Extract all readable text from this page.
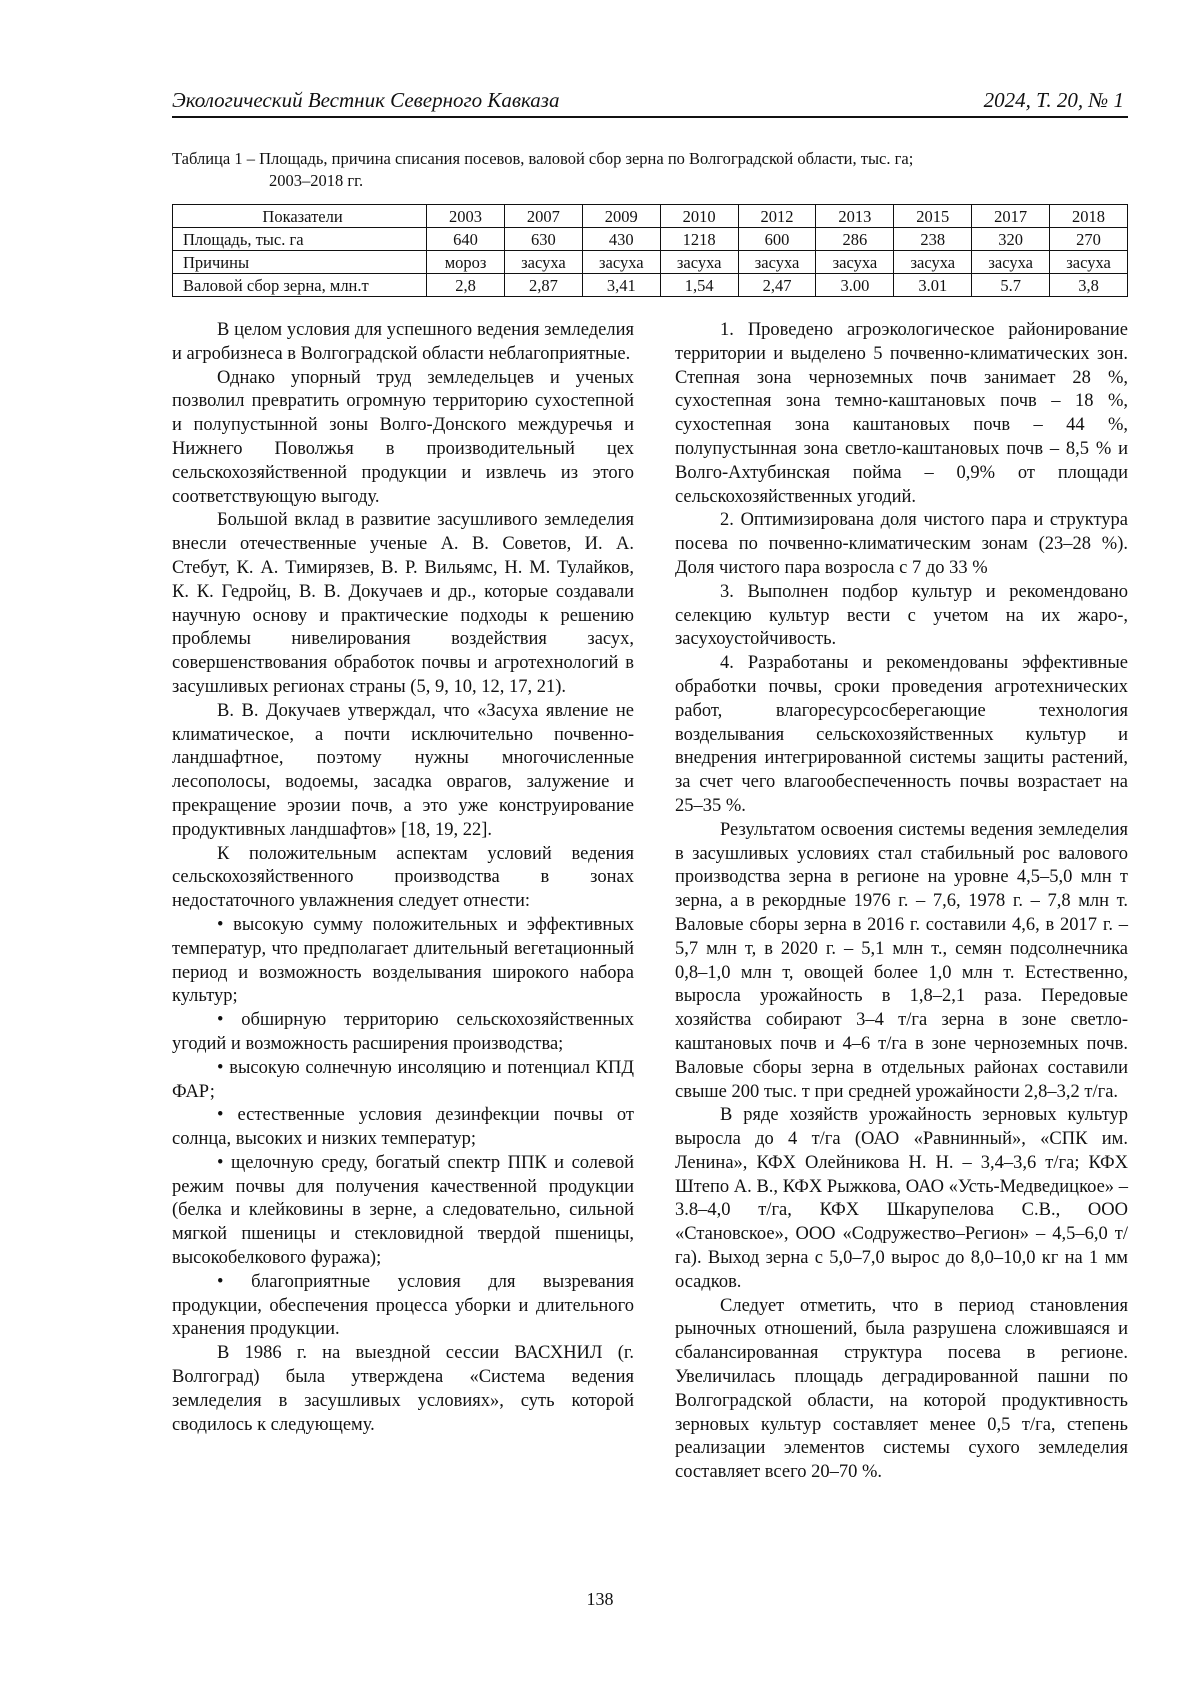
Экологический Вестник Северного Кавказа	2024, Т. 20, № 1
Таблица 1 – Площадь, причина списания посевов, валовой сбор зерна по Волгоградской области, тыс. га;
2003–2018 гг.
Показатели	2003	2007	2009	2010	2012	2013	2015	2017	2018
Площадь, тыс. га	640	630	430	1218	600	286	238	320	270
Причины	мороз	засуха	засуха	засуха	засуха	засуха	засуха	засуха	засуха
Валовой сбор зерна, млн.т	2,8	2,87	3,41	1,54	2,47	3.00	3.01	5.7	3,8

В целом условия для успешного ведения земледелия и агробизнеса в Волгоградской области неблагоприятные.

Однако упорный труд земледельцев и ученых позволил превратить огромную территорию сухостепной и полупустынной зоны Волго-Донского междуречья и Нижнего Поволжья в производительный цех сельскохозяйственной продукции и извлечь из этого соответствующую выгоду.

Большой вклад в развитие засушливого земледелия внесли отечественные ученые А. В. Советов, И. А. Стебут, К. А. Тимирязев, В. Р. Вильямс, Н. М. Тулайков, К. К. Гедройц, В. В. Докучаев и др., которые создавали научную основу и практические подходы к решению проблемы нивелирования воздействия засух, совершенствования обработок почвы и агротехнологий в засушливых регионах страны (5, 9, 10, 12, 17, 21).

В. В. Докучаев утверждал, что «Засуха явление не климатическое, а почти исключительно почвенно-ландшафтное, поэтому нужны многочисленные лесополосы, водоемы, засадка оврагов, залужение и прекращение эрозии почв, а это уже конструирование продуктивных ландшафтов» [18, 19, 22].

К положительным аспектам условий ведения сельскохозяйственного производства в зонах недостаточного увлажнения следует отнести:

• высокую сумму положительных и эффективных температур, что предполагает длительный вегетационный период и возможность возделывания широкого набора культур;

• обширную территорию сельскохозяйственных угодий и возможность расширения производства;

• высокую солнечную инсоляцию и потенциал КПД ФАР;

• естественные условия дезинфекции почвы от солнца, высоких и низких температур;

• щелочную среду, богатый спектр ППК и солевой режим почвы для получения качественной продукции (белка и клейковины в зерне, а следовательно, сильной мягкой пшеницы и стекловидной твердой пшеницы, высокобелкового фуража);

• благоприятные условия для вызревания продукции, обеспечения процесса уборки и длительного хранения продукции.

В 1986 г. на выездной сессии ВАСХНИЛ (г. Волгоград) была утверждена «Система ведения земледелия в засушливых условиях», суть которой сводилось к следующему.

1. Проведено агроэкологическое районирование территории и выделено 5 почвенно-климатических зон. Степная зона черноземных почв занимает 28 %, сухостепная зона темно-каштановых почв – 18 %, сухостепная зона каштановых почв – 44 %, полупустынная зона светло-каштановых почв – 8,5 % и Волго-Ахтубинская пойма – 0,9% от площади сельскохозяйственных угодий.

2. Оптимизирована доля чистого пара и структура посева по почвенно-климатическим зонам (23–28 %). Доля чистого пара возросла с 7 до 33 %

3. Выполнен подбор культур и рекомендовано селекцию культур вести с учетом на их жаро-, засухоустойчивость.

4. Разработаны и рекомендованы эффективные обработки почвы, сроки проведения агротехнических работ, влагоресурсосберегающие технология возделывания сельскохозяйственных культур и внедрения интегрированной системы защиты растений, за счет чего влагообеспеченность почвы возрастает на 25–35 %.

Результатом освоения системы ведения земледелия в засушливых условиях стал стабильный рос валового производства зерна в регионе на уровне 4,5–5,0 млн т зерна, а в рекордные 1976 г. – 7,6, 1978 г. – 7,8 млн т. Валовые сборы зерна в 2016 г. составили 4,6, в 2017 г. – 5,7 млн т, в 2020 г. – 5,1 млн т., семян подсолнечника 0,8–1,0 млн т, овощей более 1,0 млн т. Естественно, выросла урожайность в 1,8–2,1 раза. Передовые хозяйства собирают 3–4 т/га зерна в зоне светло-каштановых почв и 4–6 т/га в зоне черноземных почв. Валовые сборы зерна в отдельных районах составили свыше 200 тыс. т при средней урожайности 2,8–3,2 т/га.

В ряде хозяйств урожайность зерновых культур выросла до 4 т/га (ОАО «Равнинный», «СПК им. Ленина», КФХ Олейникова Н. Н. – 3,4–3,6 т/га; КФХ Штепо А. В., КФХ Рыжкова, ОАО «Усть-Медведицкое» – 3.8–4,0 т/га, КФХ Шкарупелова С.В., ООО «Становское», ООО «Содружество–Регион» – 4,5–6,0 т/га). Выход зерна с 5,0–7,0 вырос до 8,0–10,0 кг на 1 мм осадков.

Следует отметить, что в период становления рыночных отношений, была разрушена сложившаяся и сбалансированная структура посева в регионе. Увеличилась площадь деградированной пашни по Волгоградской области, на которой продуктивность зерновых культур составляет менее 0,5 т/га, степень реализации элементов системы сухого земледелия составляет всего 20–70 %.

138
